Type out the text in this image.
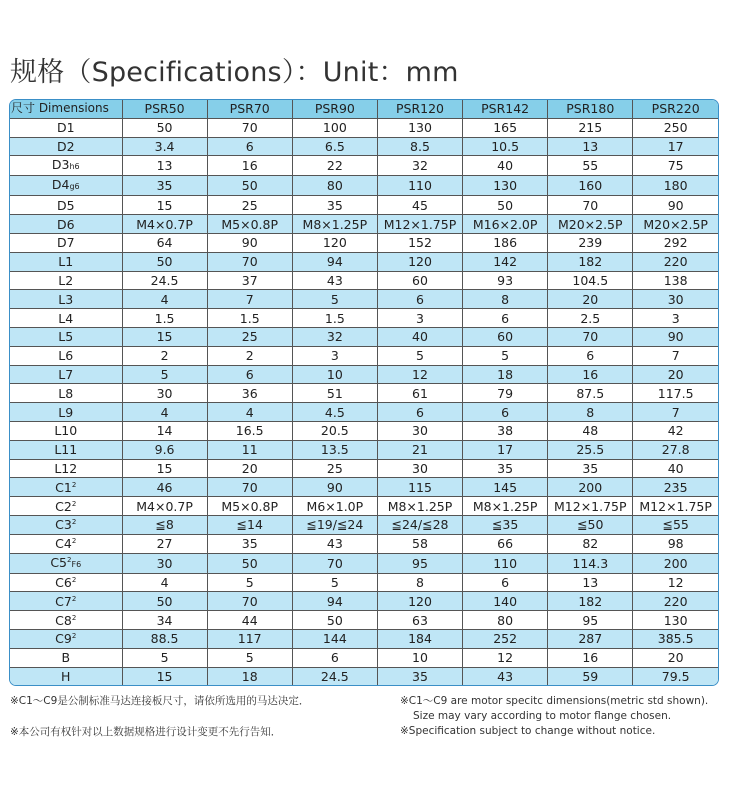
规格（Specifications）：Unit：mm
尺寸 Dimensions	PSR50	PSR70	PSR90	PSR120	PSR142	PSR180	PSR220
D1	50	70	100	130	165	215	250
D2	3.4	6	6.5	8.5	10.5	13	17
D3h6	13	16	22	32	40	55	75
D4g6	35	50	80	110	130	160	180
D5	15	25	35	45	50	70	90
D6	M4×0.7P	M5×0.8P	M8×1.25P	M12×1.75P	M16×2.0P	M20×2.5P	M20×2.5P
D7	64	90	120	152	186	239	292
L1	50	70	94	120	142	182	220
L2	24.5	37	43	60	93	104.5	138
L3	4	7	5	6	8	20	30
L4	1.5	1.5	1.5	3	6	2.5	3
L5	15	25	32	40	60	70	90
L6	2	2	3	5	5	6	7
L7	5	6	10	12	18	16	20
L8	30	36	51	61	79	87.5	117.5
L9	4	4	4.5	6	6	8	7
L10	14	16.5	20.5	30	38	48	42
L11	9.6	11	13.5	21	17	25.5	27.8
L12	15	20	25	30	35	35	40
$C1^2$	46	70	90	115	145	200	235
$C2^2$	M4×0.7P	M5×0.8P	M6×1.0P	M8×1.25P	M8×1.25P	M12×1.75P	M12×1.75P
$C3^2$	≦8	≦14	≦19/≦24	≦24/≦28	≦35	≦50	≦55
$C4^2$	27	35	43	58	66	82	98
$C5^2F6$	30	50	70	95	110	114.3	200
$C6^2$	4	5	5	8	6	13	12
$C7^2$	50	70	94	120	140	182	220
$C8^2$	34	44	50	63	80	95	130
$C9^2$	88.5	117	144	184	252	287	385.5
B	5	5	6	10	12	16	20
H	15	18	24.5	35	43	59	79.5
※C1～C9是公制标准马达连接板尺寸，请依所选用的马达决定．
※本公司有权针对以上数据规格进行设计变更不先行告知．
※C1～C9 are motor specitc dimensions(metric std shown).
Size may vary according to motor flange chosen.
※Specification subject to change without notice.
